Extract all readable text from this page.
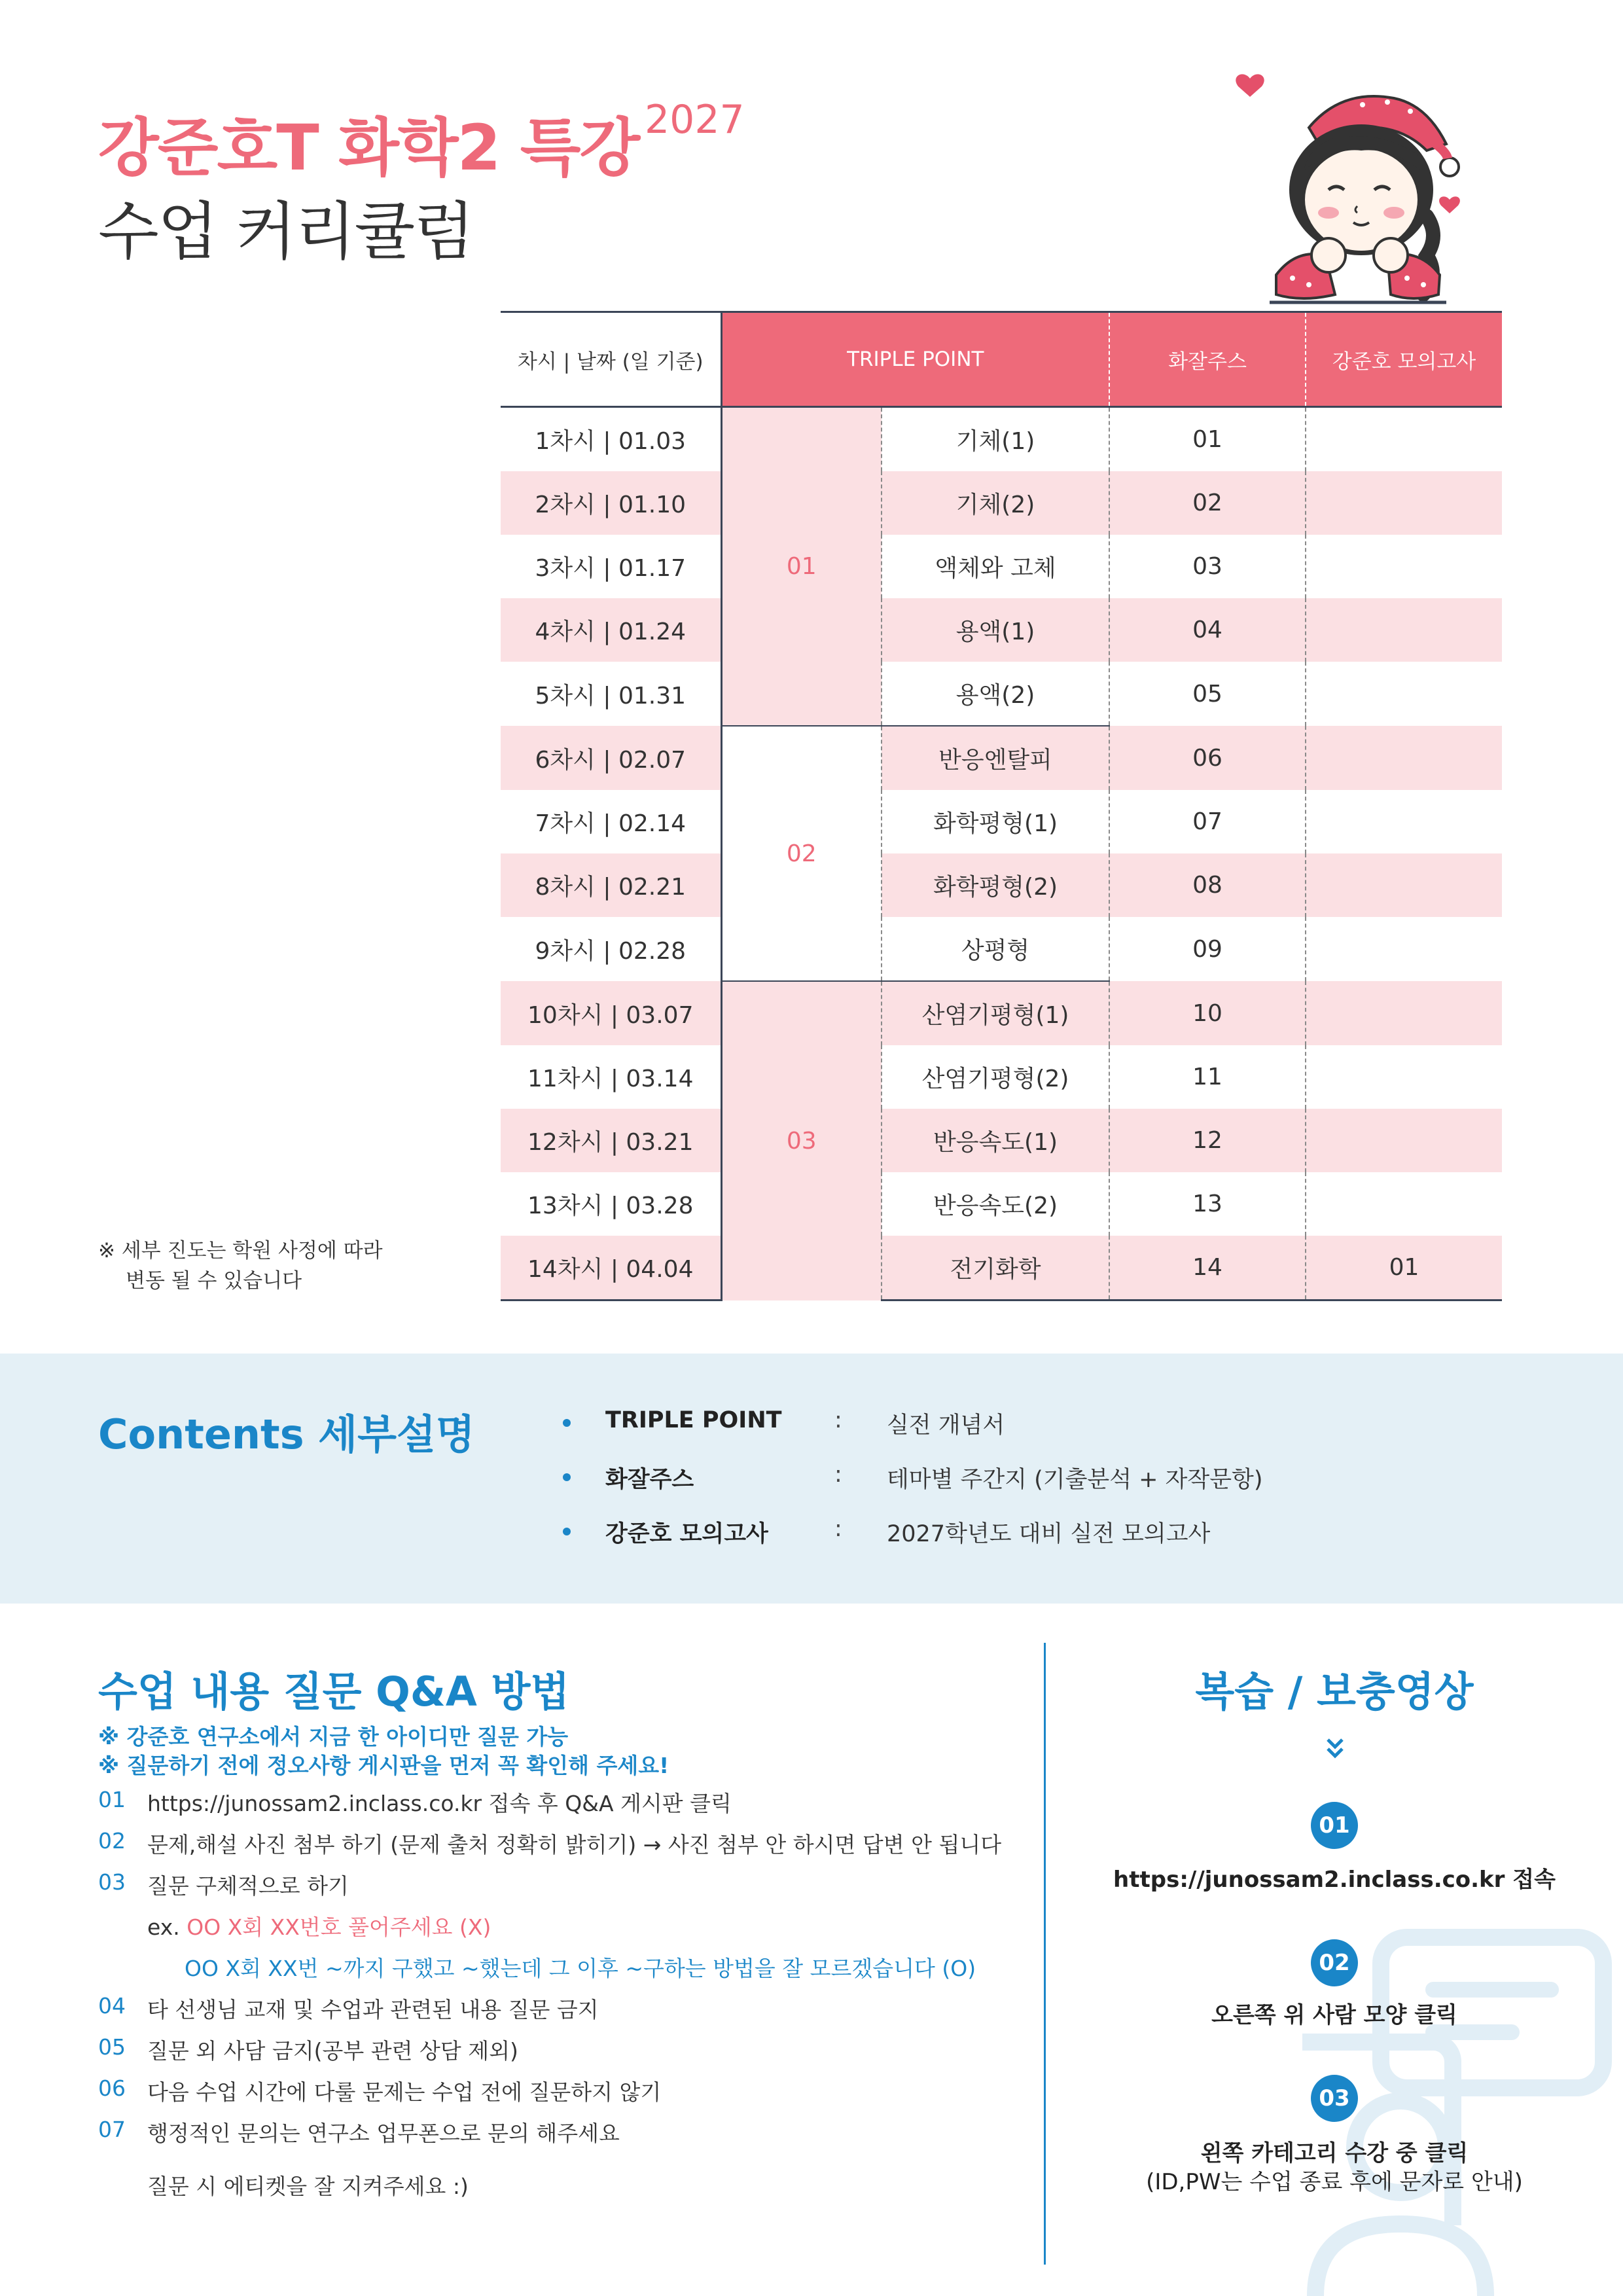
강준호T 화학2 특강 2027
수업 커리큘럼
차시 | 날짜 (일 기준)	TRIPLE POINT		화잘주스	강준호 모의고사
1차시 | 01.03	01	기체(1)	01	
2차시 | 01.10		기체(2)	02	
3차시 | 01.17		액체와 고체	03	
4차시 | 01.24		용액(1)	04	
5차시 | 01.31		용액(2)	05	
6차시 | 02.07	02	반응엔탈피	06	
7차시 | 02.14		화학평형(1)	07	
8차시 | 02.21		화학평형(2)	08	
9차시 | 02.28		상평형	09	
10차시 | 03.07	03	산염기평형(1)	10	
11차시 | 03.14		산염기평형(2)	11	
12차시 | 03.21		반응속도(1)	12	
13차시 | 03.28		반응속도(2)	13	
14차시 | 04.04		전기화학	14	01
※ 세부 진도는 학원 사정에 따라
변동 될 수 있습니다
Contents 세부설명	TRIPLE POINT : 실전 개념서
화잘주스	: 테마별 주간지 (기출분석 + 자작문항)
강준호 모의고사	: 2027학년도 대비 실전 모의고사
수업 내용 질문 Q&A 방법
※ 강준호 연구소에서 지금 한 아이디만 질문 가능
※ 질문하기 전에 정오사항 게시판을 먼저 꼭 확인해 주세요!
01 https://junossam2.inclass.co.kr 접속 후 Q&A 게시판 클릭
02 문제,해설 사진 첨부 하기 (문제 출처 정확히 밝히기) → 사진 첨부 안 하시면 답변 안 됩니다
03 질문 구체적으로 하기
ex. OO X회 XX번호 풀어주세요 (X)
OO X회 XX번 ~까지 구했고 ~했는데 그 이후 ~구하는 방법을 잘 모르겠습니다 (O)
04 타 선생님 교재 및 수업과 관련된 내용 질문 금지
05 질문 외 사담 금지(공부 관련 상담 제외)
06 다음 수업 시간에 다룰 문제는 수업 전에 질문하지 않기
07 행정적인 문의는 연구소 업무폰으로 문의 해주세요
질문 시 에티켓을 잘 지켜주세요 :)
복습 / 보충영상
01
https://junossam2.inclass.co.kr 접속
02
오른쪽 위 사람 모양 클릭
03
왼쪽 카테고리 수강 중 클릭
(ID,PW는 수업 종료 후에 문자로 안내)
